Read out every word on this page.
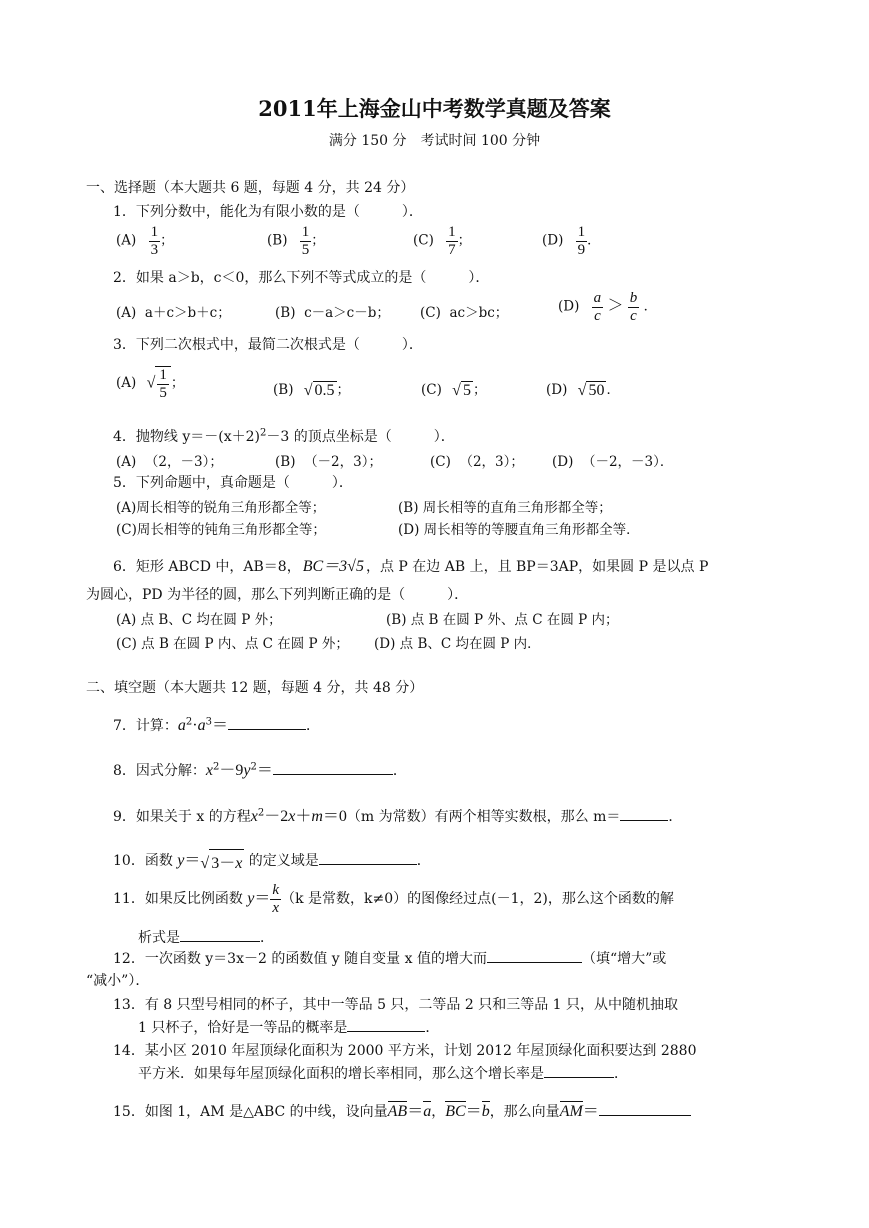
2011年上海金山中考数学真题及答案
满分 150 分　考试时间 100 分钟
一、选择题（本大题共 6 题，每题 4 分，共 24 分）
1．下列分数中，能化为有限小数的是（　　　）．
$(A) \frac{1}{3}$ ；	$(B) \frac{1}{5}$ ；	$(C) \frac{1}{7}$ ；	$(D) \frac{1}{9}$ ．
2．如果 a＞b，c＜0，那么下列不等式成立的是（　　　）．
(A) a＋c＞b＋c；	(B) c－a＞c－b； (C) ac＞bc；	$(D) \frac{a}{c} > \frac{b}{c}$ ．
3．下列二次根式中，最简二次根式是（　　　）．
(A) √ $\frac{1}{5}$ ；	(B) √ 0.5 ；	(C) √ 5 ；	(D) √ 50 ．
4．抛物线 $y=-(x+2)^2-3$ 的顶点坐标是（　　　）．
(A) （2，－3）；	(B) （－2，3）；	(C) （2，3）； (D) （－2，－3）．
5．下列命题中，真命题是（　　　）．
(A)周长相等的锐角三角形都全等；	(B) 周长相等的直角三角形都全等；
(C)周长相等的钝角三角形都全等；	(D) 周长相等的等腰直角三角形都全等．
6．矩形 ABCD 中，AB＝8， BC＝3√5 ，点 P 在边 AB 上，且 BP＝3AP，如果圆 P 是以点 P
为圆心，PD 为半径的圆，那么下列判断正确的是（　　　）．
(A) 点 B、C 均在圆 P 外；	(B) 点 B 在圆 P 外、点 C 在圆 P 内；
(C) 点 B 在圆 P 内、点 C 在圆 P 外； (D) 点 B、C 均在圆 P 内．
二、填空题（本大题共 12 题，每题 4 分，共 48 分）
7．计算：$a^2\cdot a^3=$	．
8．因式分解：$x^2-9y^2=$	．
9．如果关于 x 的方程$x^2-2x+m=0(m$ 为常数）有两个相等实数根，那么 m＝	．
10．函数 y＝√ 3－x 的定义域是	．
11．如果反比例函数 $y= \frac{k}{x} (k$ 是常数，k≠0）的图像经过点(－1，2)，那么这个函数的解
析式是	．
12．一次函数 y＝3x－2 的函数值 y 随自变量 x 值的增大而	（填“增大”或
“减小”）．
13．有 8 只型号相同的杯子，其中一等品 5 只，二等品 2 只和三等品 1 只，从中随机抽取
1 只杯子，恰好是一等品的概率是	．
14．某小区 2010 年屋顶绿化面积为 2000 平方米，计划 2012 年屋顶绿化面积要达到 2880
平方米．如果每年屋顶绿化面积的增长率相同，那么这个增长率是	．
15．如图 1，AM 是△ABC 的中线，设向量AB＝a，BC＝b，那么向量AM＝
